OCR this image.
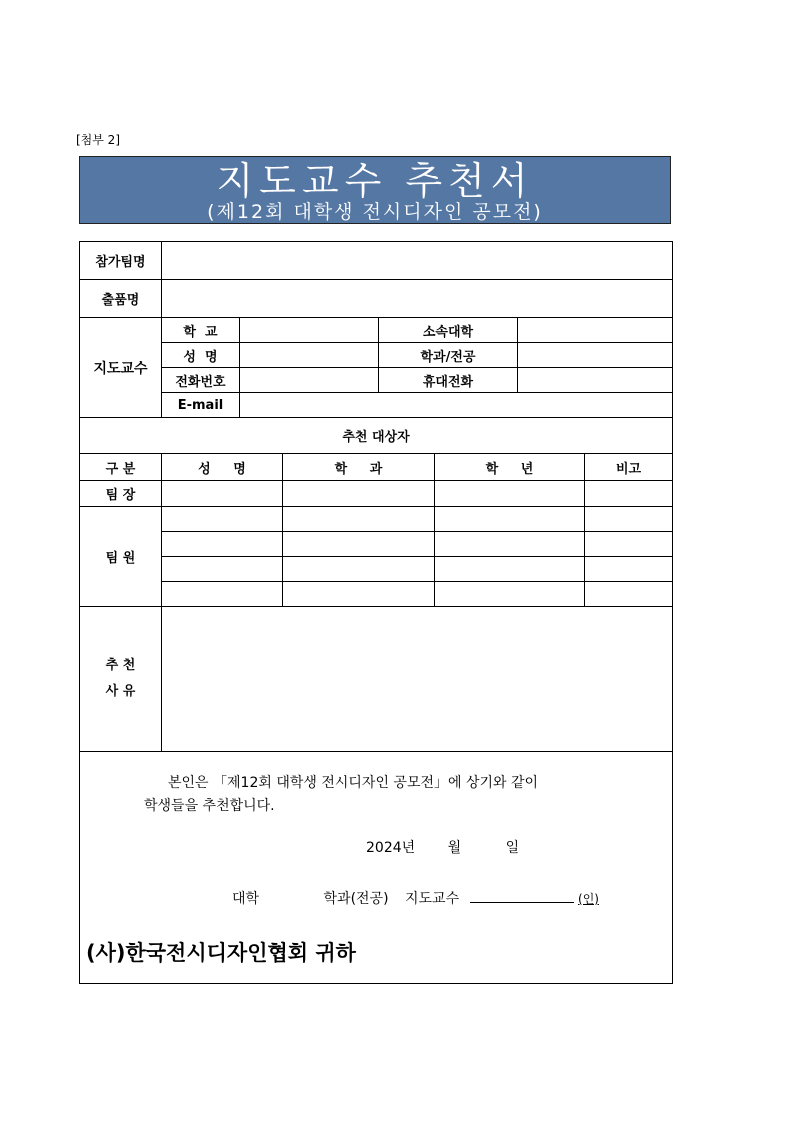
[첨부 2]
지도교수 추천서
(제12회 대학생 전시디자인 공모전)
참가팀명							
출품명							
지도교수	학  교			소속대학			
	성  명			학과/전공			
	전화번호			휴대전화			
	E-mail						
추천 대상자							
구 분	성     명		학     과		학     년		비고
팀 장							
팀 원							

추 천
사 유							

본인은 「제12회 대학생 전시디자인 공모전」에 상기와 같이
학생들을 추천합니다.
2024년 월 일
대학 학과(전공) 지도교수 (인)
(사)한국전시디자인협회 귀하							
